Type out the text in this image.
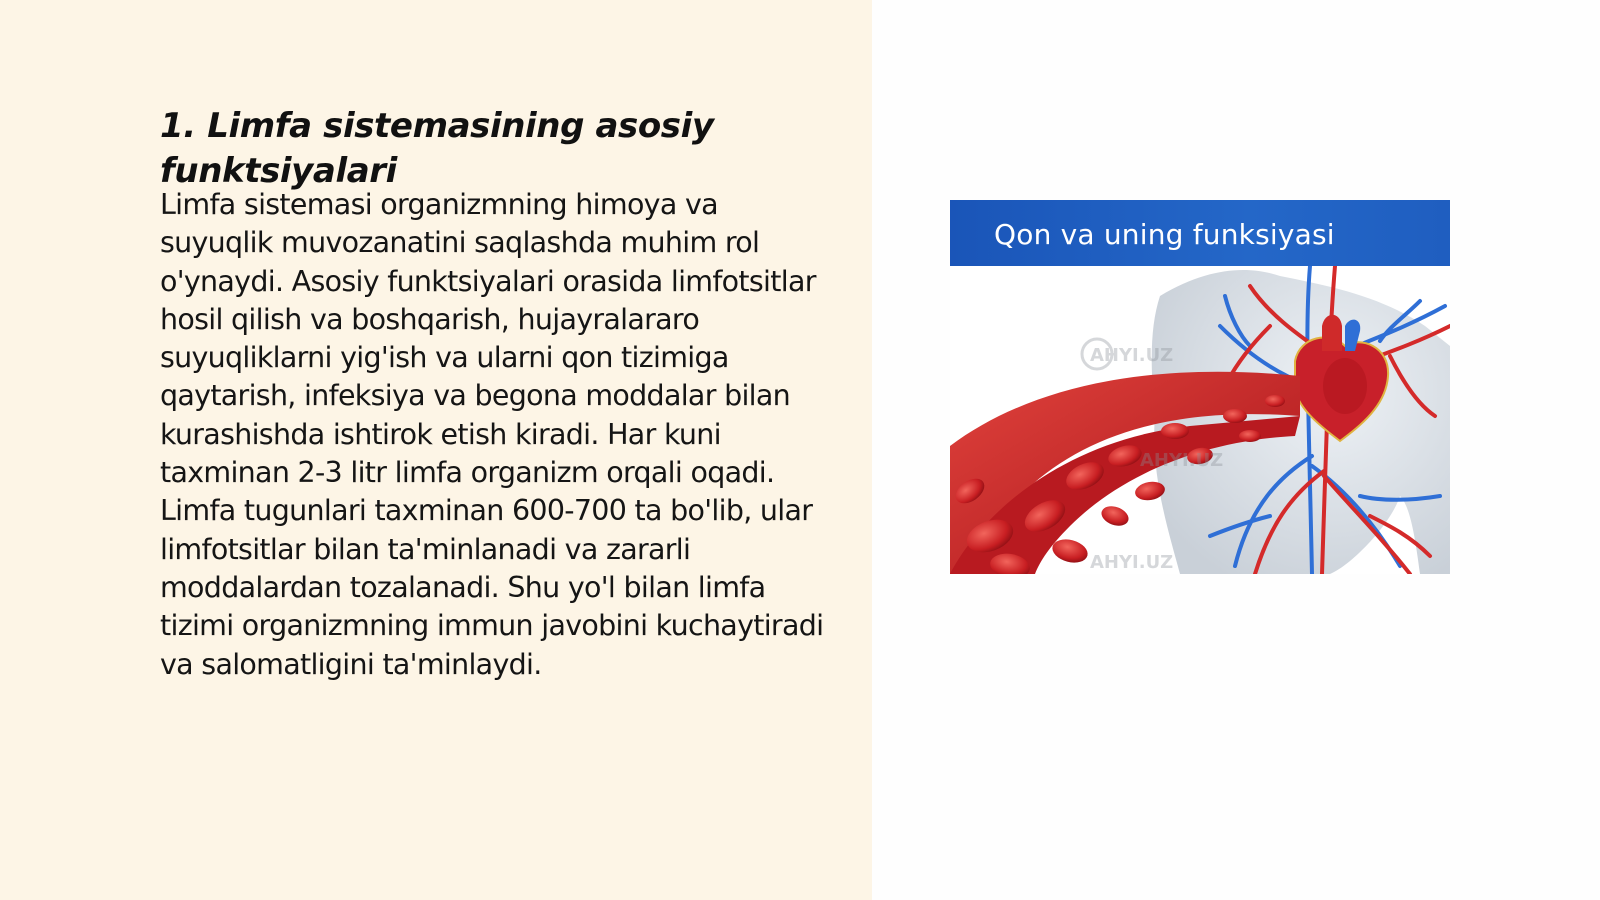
1. Limfa sistemasining asosiy funktsiyalari

Limfa sistemasi organizmning himoya va suyuqlik muvozanatini saqlashda muhim rol o'ynaydi. Asosiy funktsiyalari orasida limfotsitlar hosil qilish va boshqarish, hujayralararo suyuqliklarni yig'ish va ularni qon tizimiga qaytarish, infeksiya va begona moddalar bilan kurashishda ishtirok etish kiradi. Har kuni taxminan 2-3 litr limfa organizm orqali oqadi. Limfa tugunlari taxminan 600-700 ta bo'lib, ular limfotsitlar bilan ta'minlanadi va zararli moddalardan tozalanadi. Shu yo'l bilan limfa tizimi organizmning immun javobini kuchaytiradi va salomatligini ta'minlaydi.

Qon va uning funksiyasi
AHYI.UZ
AHYI.UZ
AHYI.UZ
